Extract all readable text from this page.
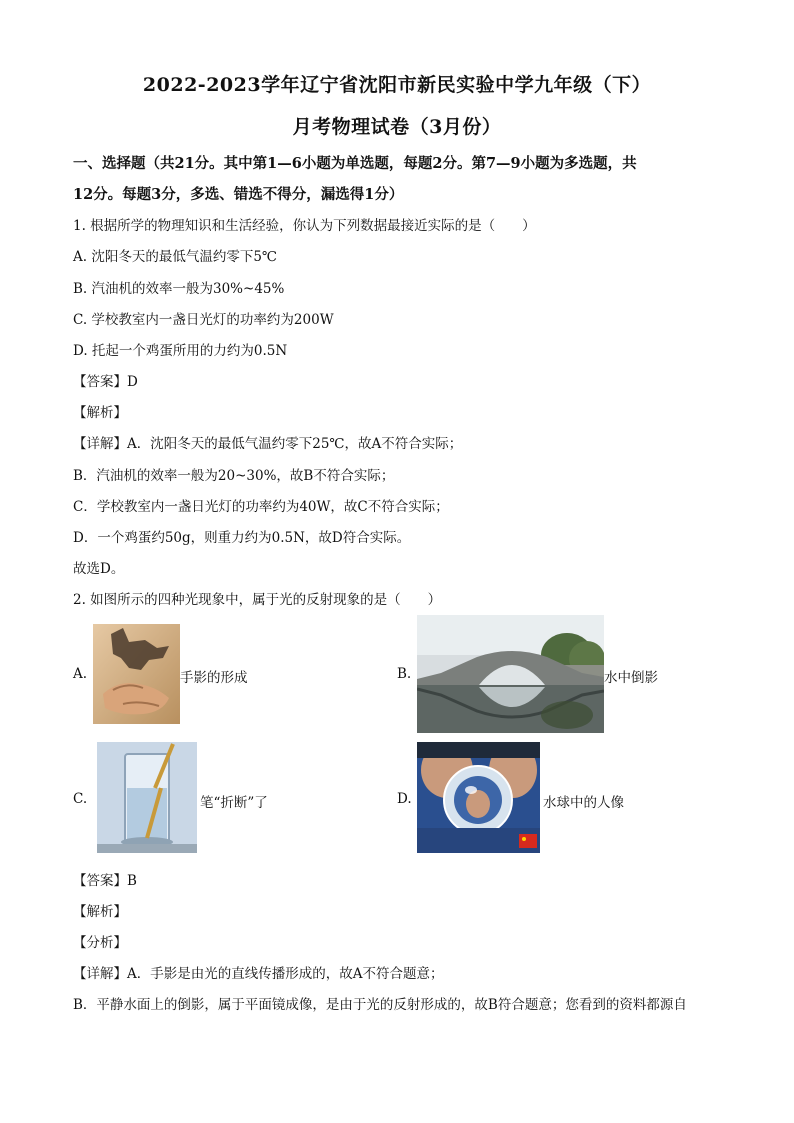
2022-2023学年辽宁省沈阳市新民实验中学九年级（下）
月考物理试卷（3月份）
一、选择题（共21分。其中第1—6小题为单选题，每题2分。第7—9小题为多选题，共
12分。每题3分，多选、错选不得分，漏选得1分）
1. 根据所学的物理知识和生活经验，你认为下列数据最接近实际的是（　　）
A. 沈阳冬天的最低气温约零下5℃
B. 汽油机的效率一般为30%~45%
C. 学校教室内一盏日光灯的功率约为200W
D. 托起一个鸡蛋所用的力约为0.5N
【答案】D
【解析】
【详解】A．沈阳冬天的最低气温约零下25℃，故A不符合实际；
B．汽油机的效率一般为20~30%，故B不符合实际；
C．学校教室内一盏日光灯的功率约为40W，故C不符合实际；
D．一个鸡蛋约50g，则重力约为0.5N，故D符合实际。
故选D。
2. 如图所示的四种光现象中，属于光的反射现象的是（　　）
A.	手影的形成	B.	水中倒影
C.	笔“折断”了	D.	水球中的人像
【答案】B
【解析】
【分析】
【详解】A．手影是由光的直线传播形成的，故A不符合题意；
B．平静水面上的倒影，属于平面镜成像，是由于光的反射形成的，故B符合题意；您看到的资料都源自
